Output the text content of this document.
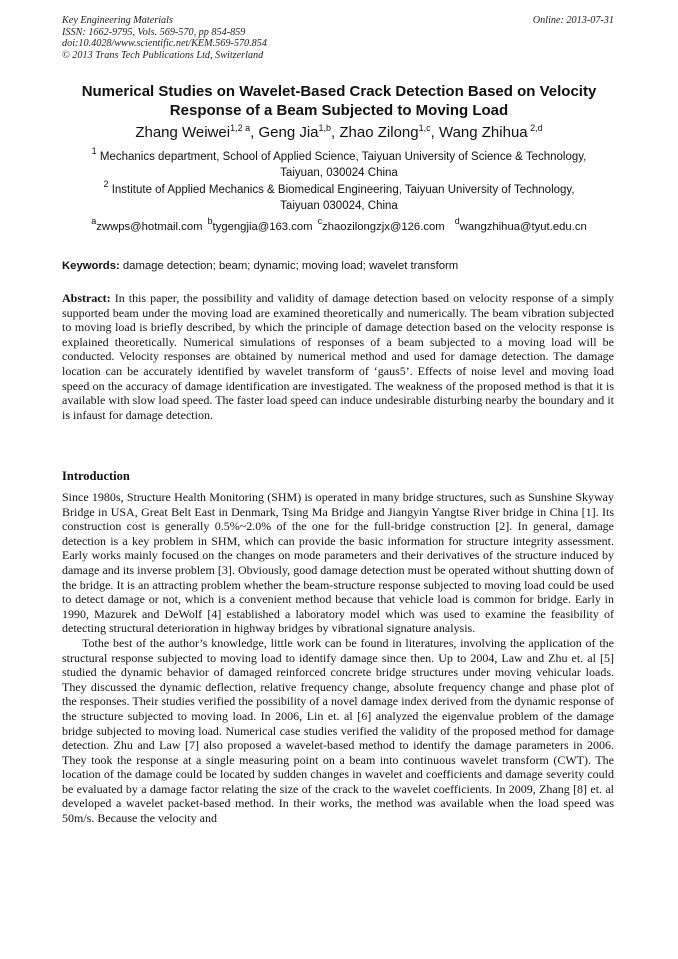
Key Engineering Materials
ISSN: 1662-9795, Vols. 569-570, pp 854-859
doi:10.4028/www.scientific.net/KEM.569-570.854
© 2013 Trans Tech Publications Ltd, Switzerland
Online: 2013-07-31
Numerical Studies on Wavelet-Based Crack Detection Based on Velocity Response of a Beam Subjected to Moving Load
Zhang Weiwei$^{1,2 a}$, Geng Jia$^{1,b}$, Zhao Zilong$^{1,c}$, Wang Zhihua $^{2,d}$
$^1$ Mechanics department, School of Applied Science, Taiyuan University of Science & Technology,
Taiyuan, 030024 China
$^2$ Institute of Applied Mechanics & Biomedical Engineering, Taiyuan University of Technology,
Taiyuan 030024, China
$^a$zwwps@hotmail.com $^b$tygengjia@163.com $^c$zhaozilongzjx@126.com $^d$wangzhihua@tyut.edu.cn
Keywords: damage detection; beam; dynamic; moving load; wavelet transform
Abstract: In this paper, the possibility and validity of damage detection based on velocity response of a simply supported beam under the moving load are examined theoretically and numerically. The beam vibration subjected to moving load is briefly described, by which the principle of damage detection based on the velocity response is explained theoretically. Numerical simulations of responses of a beam subjected to a moving load will be conducted. Velocity responses are obtained by numerical method and used for damage detection. The damage location can be accurately identified by wavelet transform of ‘gaus5’. Effects of noise level and moving load speed on the accuracy of damage identification are investigated. The weakness of the proposed method is that it is available with slow load speed. The faster load speed can induce undesirable disturbing nearby the boundary and it is infaust for damage detection.
Introduction

Since 1980s, Structure Health Monitoring (SHM) is operated in many bridge structures, such as Sunshine Skyway Bridge in USA, Great Belt East in Denmark, Tsing Ma Bridge and Jiangyin Yangtse River bridge in China [1]. Its construction cost is generally 0.5%~2.0% of the one for the full-bridge construction [2]. In general, damage detection is a key problem in SHM, which can provide the basic information for structure integrity assessment. Early works mainly focused on the changes on mode parameters and their derivatives of the structure induced by damage and its inverse problem [3]. Obviously, good damage detection must be operated without shutting down of the bridge. It is an attracting problem whether the beam-structure response subjected to moving load could be used to detect damage or not, which is a convenient method because that vehicle load is common for bridge. Early in 1990, Mazurek and DeWolf [4] established a laboratory model which was used to examine the feasibility of detecting structural deterioration in highway bridges by vibrational signature analysis.

Tothe best of the author’s knowledge, little work can be found in literatures, involving the application of the structural response subjected to moving load to identify damage since then. Up to 2004, Law and Zhu et. al [5] studied the dynamic behavior of damaged reinforced concrete bridge structures under moving vehicular loads. They discussed the dynamic deflection, relative frequency change, absolute frequency change and phase plot of the responses. Their studies verified the possibility of a novel damage index derived from the dynamic response of the structure subjected to moving load. In 2006, Lin et. al [6] analyzed the eigenvalue problem of the damage bridge subjected to moving load. Numerical case studies verified the validity of the proposed method for damage detection. Zhu and Law [7] also proposed a wavelet-based method to identify the damage parameters in 2006. They took the response at a single measuring point on a beam into continuous wavelet transform (CWT). The location of the damage could be located by sudden changes in wavelet and coefficients and damage severity could be evaluated by a damage factor relating the size of the crack to the wavelet coefficients. In 2009, Zhang [8] et. al developed a wavelet packet-based method. In their works, the method was available when the load speed was 50m/s. Because the velocity and
